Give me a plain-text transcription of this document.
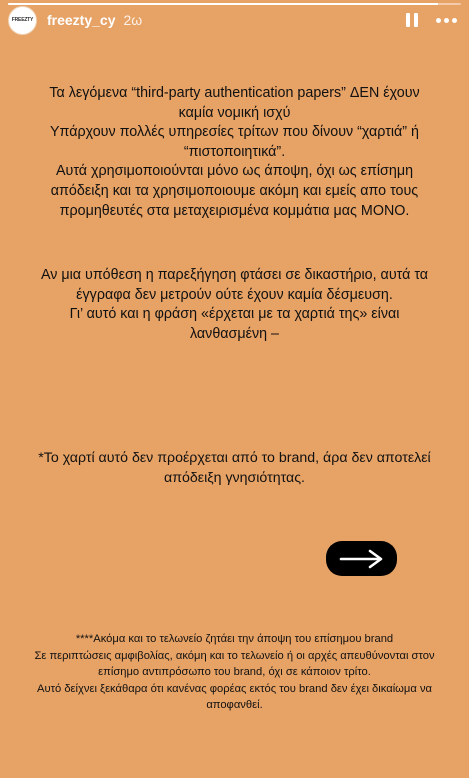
FREEZTY freezty_cy 2ω
Τα λεγόμενα “third-party authentication papers” ΔΕΝ έχουν
καμία νομική ισχύ
Υπάρχουν πολλές υπηρεσίες τρίτων που δίνουν “χαρτιά” ή
“πιστοποιητικά”.
Αυτά χρησιμοποιούνται μόνο ως άποψη, όχι ως επίσημη
απόδειξη και τα χρησιμοποιουμε ακόμη και εμείς απο τους
προμηθευτές στα μεταχειρισμένα κομμάτια μας ΜΟΝΟ.
Αν μια υπόθεση η παρεξήγηση φτάσει σε δικαστήριο, αυτά τα
έγγραφα δεν μετρούν ούτε έχουν καμία δέσμευση.
Γι’ αυτό και η φράση «έρχεται με τα χαρτιά της» είναι
λανθασμένη –
*Το χαρτί αυτό δεν προέρχεται από το brand, άρα δεν αποτελεί
απόδειξη γνησιότητας.
****Ακόμα και το τελωνείο ζητάει την άποψη του επίσημου brand
Σε περιπτώσεις αμφιβολίας, ακόμη και το τελωνείο ή οι αρχές απευθύνονται στον
επίσημο αντιπρόσωπο του brand, όχι σε κάποιον τρίτο.
Αυτό δείχνει ξεκάθαρα ότι κανένας φορέας εκτός του brand δεν έχει δικαίωμα να
αποφανθεί.
